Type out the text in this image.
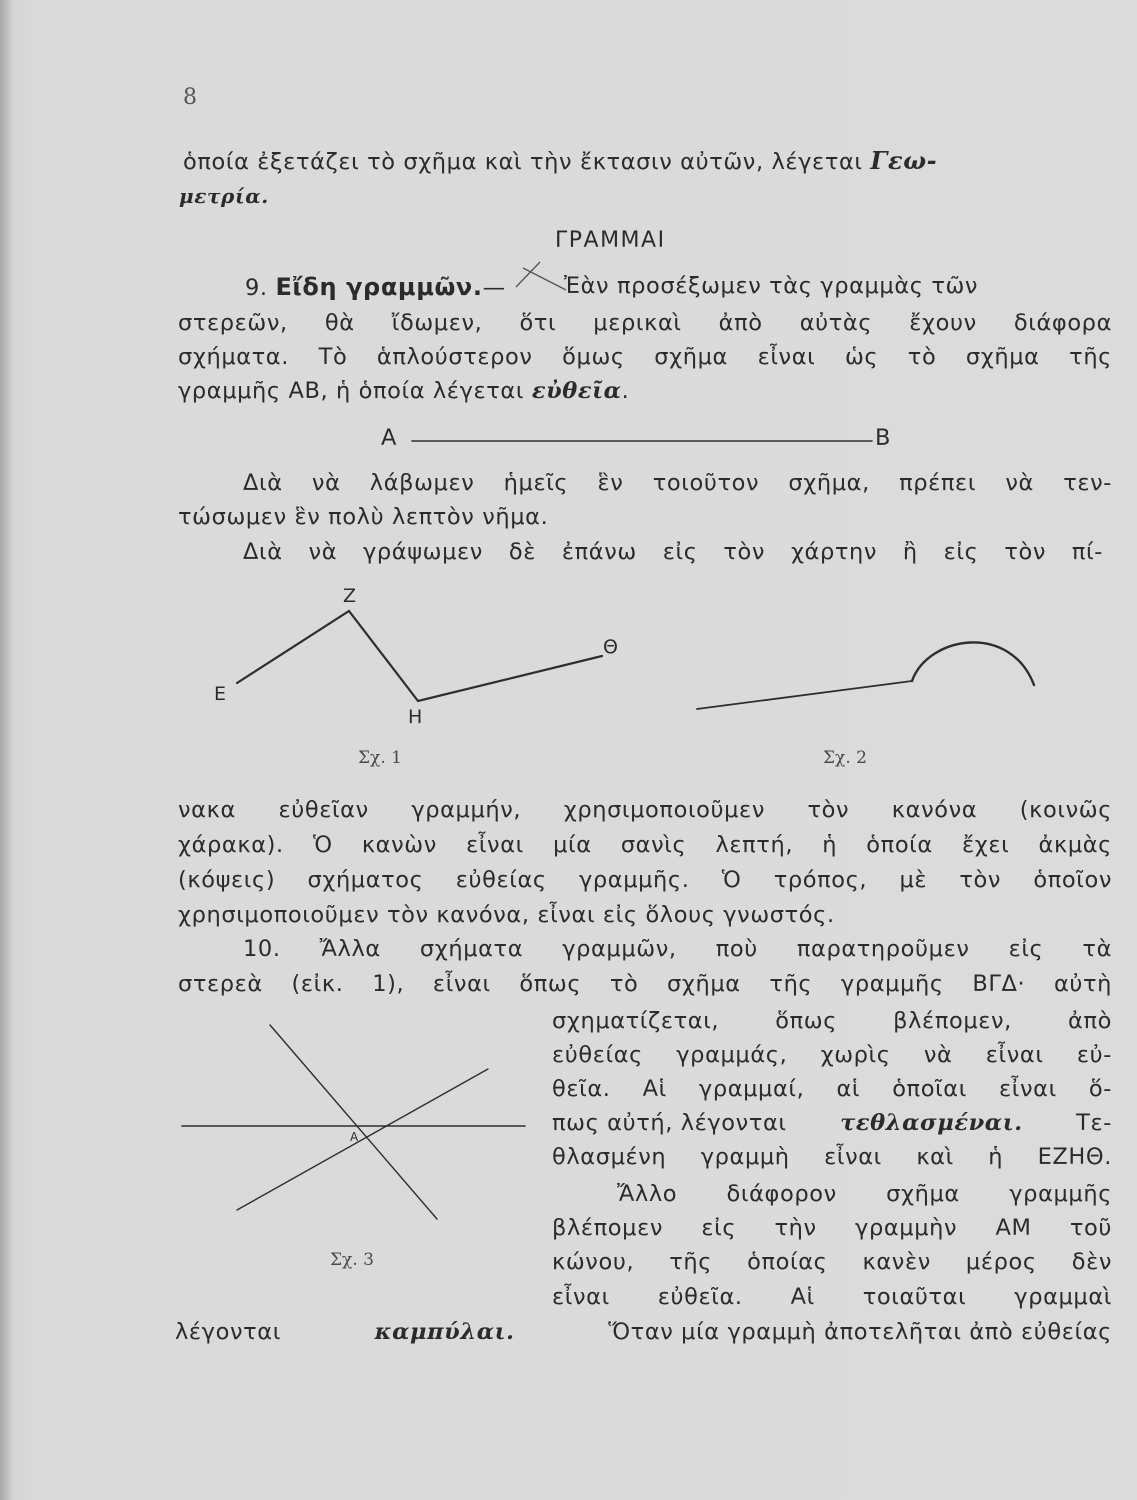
8
ὁποία ἐξετάζει τὸ σχῆμα καὶ τὴν ἔκτασιν αὐτῶν, λέγεται Γεω-
μετρία.
ΓΡΑΜΜΑΙ
9. Εἴδη γραμμῶν.—	Ἐὰν προσέξωμεν τὰς γραμμὰς τῶν
στερεῶν, θὰ ἴδωμεν, ὅτι μερικαὶ ἀπὸ αὐτὰς ἔχουν διάφορα
σχήματα. Τὸ ἁπλούστερον ὅμως σχῆμα εἶναι ὡς τὸ σχῆμα τῆς
γραμμῆς ΑΒ, ἡ ὁποία λέγεται εὐθεῖα.
Α	Β
Διὰ νὰ λάβωμεν ἡμεῖς ἓν τοιοῦτον σχῆμα, πρέπει νὰ τεν-
τώσωμεν ἓν πολὺ λεπτὸν νῆμα.
Διὰ νὰ γράψωμεν δὲ ἐπάνω εἰς τὸν χάρτην ἢ εἰς τὸν πί-
Ζ
Θ
Ε
Η
Σχ. 1	Σχ. 2
νακα εὐθεῖαν γραμμήν, χρησιμοποιοῦμεν τὸν κανόνα (κοινῶς
χάρακα). Ὁ κανὼν εἶναι μία σανὶς λεπτή, ἡ ὁποία ἔχει ἀκμὰς
(κόψεις) σχήματος εὐθείας γραμμῆς. Ὁ τρόπος, μὲ τὸν ὁποῖον
χρησιμοποιοῦμεν τὸν κανόνα, εἶναι εἰς ὅλους γνωστός.
10. Ἄλλα σχήματα γραμμῶν, ποὺ παρατηροῦμεν εἰς τὰ
στερεὰ (εἰκ. 1), εἶναι ὅπως τὸ σχῆμα τῆς γραμμῆς ΒΓΔ· αὐτὴ
σχηματίζεται, ὅπως βλέπομεν, ἀπὸ
εὐθείας γραμμάς, χωρὶς νὰ εἶναι εὐ-
θεῖα. Αἱ γραμμαί, αἱ ὁποῖαι εἶναι ὅ-
πως αὐτή, λέγονται τεθλασμέναι. Τε-
θλασμένη γραμμὴ εἶναι καὶ ἡ ΕΖΗΘ.
Ἄλλο διάφορον σχῆμα γραμμῆς
βλέπομεν εἰς τὴν γραμμὴν ΑΜ τοῦ
κώνου, τῆς ὁποίας κανὲν μέρος δὲν
εἶναι εὐθεῖα. Αἱ τοιαῦται γραμμαὶ
λέγονται	καμπύλαι.	Ὅταν μία γραμμὴ ἀποτελῆται ἀπὸ εὐθείας
Α
Σχ. 3
